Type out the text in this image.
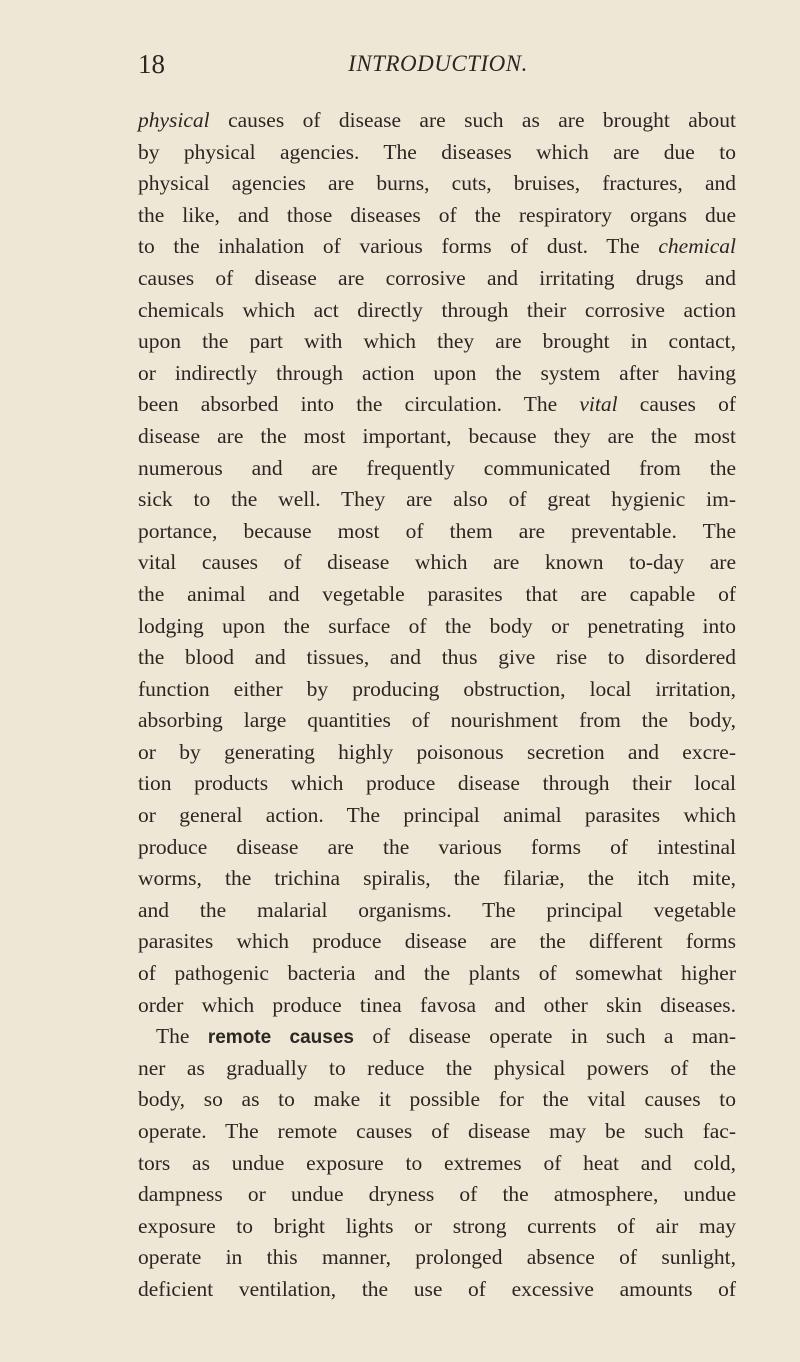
18	INTRODUCTION.
physical causes of disease are such as are brought about
by physical agencies. The diseases which are due to
physical agencies are burns, cuts, bruises, fractures, and
the like, and those diseases of the respiratory organs due
to the inhalation of various forms of dust. The chemical
causes of disease are corrosive and irritating drugs and
chemicals which act directly through their corrosive action
upon the part with which they are brought in contact,
or indirectly through action upon the system after having
been absorbed into the circulation. The vital causes of
disease are the most important, because they are the most
numerous and are frequently communicated from the
sick to the well. They are also of great hygienic im-
portance, because most of them are preventable. The
vital causes of disease which are known to-day are
the animal and vegetable parasites that are capable of
lodging upon the surface of the body or penetrating into
the blood and tissues, and thus give rise to disordered
function either by producing obstruction, local irritation,
absorbing large quantities of nourishment from the body,
or by generating highly poisonous secretion and excre-
tion products which produce disease through their local
or general action. The principal animal parasites which
produce disease are the various forms of intestinal
worms, the trichina spiralis, the filariæ, the itch mite,
and the malarial organisms. The principal vegetable
parasites which produce disease are the different forms
of pathogenic bacteria and the plants of somewhat higher
order which produce tinea favosa and other skin diseases.
The remote causes of disease operate in such a man-
ner as gradually to reduce the physical powers of the
body, so as to make it possible for the vital causes to
operate. The remote causes of disease may be such fac-
tors as undue exposure to extremes of heat and cold,
dampness or undue dryness of the atmosphere, undue
exposure to bright lights or strong currents of air may
operate in this manner, prolonged absence of sunlight,
deficient ventilation, the use of excessive amounts of
